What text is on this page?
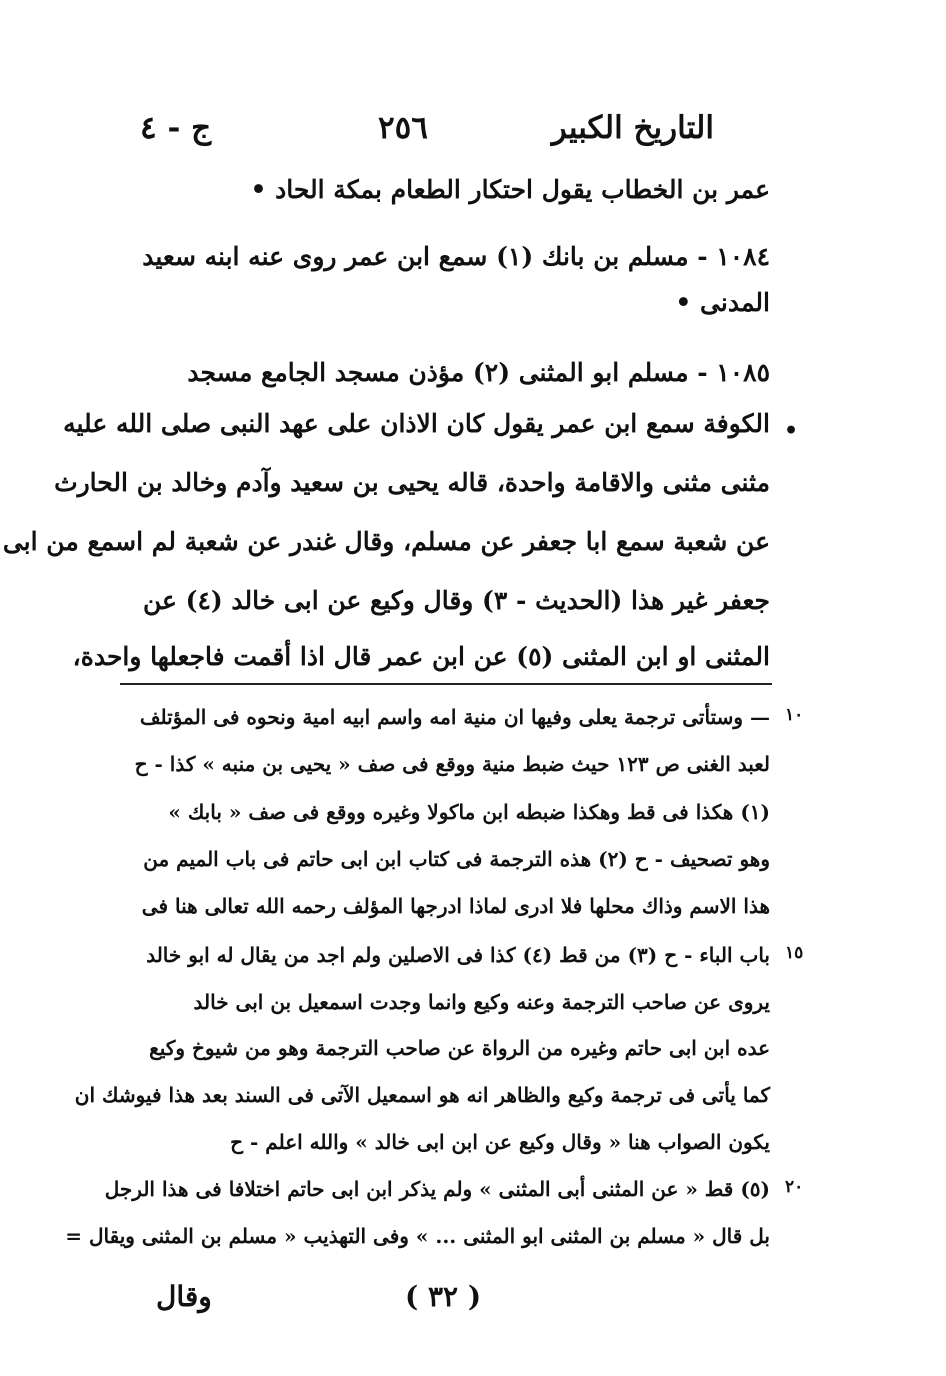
التاريخ الكبير
٢٥٦
ج - ٤
عمر بن الخطاب يقول احتكار الطعام بمكة الحاد •
١٠٨٤ - مسلم بن بانك (١) سمع ابن عمر روى عنه ابنه سعيد
المدنى •
١٠٨٥ - مسلم ابو المثنى (٢) مؤذن مسجد الجامع مسجد
•
الكوفة سمع ابن عمر يقول كان الاذان على عهد النبى صلى الله عليه
مثنى مثنى والاقامة واحدة، قاله يحيى بن سعيد وآدم وخالد بن الحارث
عن شعبة سمع ابا جعفر عن مسلم، وقال غندر عن شعبة لم اسمع من ابى
جعفر غير هذا (الحديث - ٣) وقال وكيع عن ابى خالد (٤) عن
المثنى او ابن المثنى (٥) عن ابن عمر قال اذا أقمت فاجعلها واحدة،
— وستأتى ترجمة يعلى وفيها ان منية امه واسم ابيه امية ونحوه فى المؤتلف
لعبد الغنى ص ١٢٣ حيث ضبط منية ووقع فى صف « يحيى بن منبه » كذا - ح
(١) هكذا فى قط وهكذا ضبطه ابن ماكولا وغيره ووقع فى صف « بابك »
وهو تصحيف - ح (٢) هذه الترجمة فى كتاب ابن ابى حاتم فى باب الميم من
هذا الاسم وذاك محلها فلا ادرى لماذا ادرجها المؤلف رحمه الله تعالى هنا فى
باب الباء - ح (٣) من قط (٤) كذا فى الاصلين ولم اجد من يقال له ابو خالد
يروى عن صاحب الترجمة وعنه وكيع وانما وجدت اسمعيل بن ابى خالد
عده ابن ابى حاتم وغيره من الرواة عن صاحب الترجمة وهو من شيوخ وكيع
كما يأتى فى ترجمة وكيع والظاهر انه هو اسمعيل الآتى فى السند بعد هذا فيوشك ان
يكون الصواب هنا « وقال وكيع عن ابن ابى خالد » والله اعلم - ح
(٥) قط « عن المثنى أبى المثنى » ولم يذكر ابن ابى حاتم اختلافا فى هذا الرجل
بل قال « مسلم بن المثنى ابو المثنى ... » وفى التهذيب « مسلم بن المثنى ويقال =
١٠
١٥
٢٠
( ٣٢ )
وقال
